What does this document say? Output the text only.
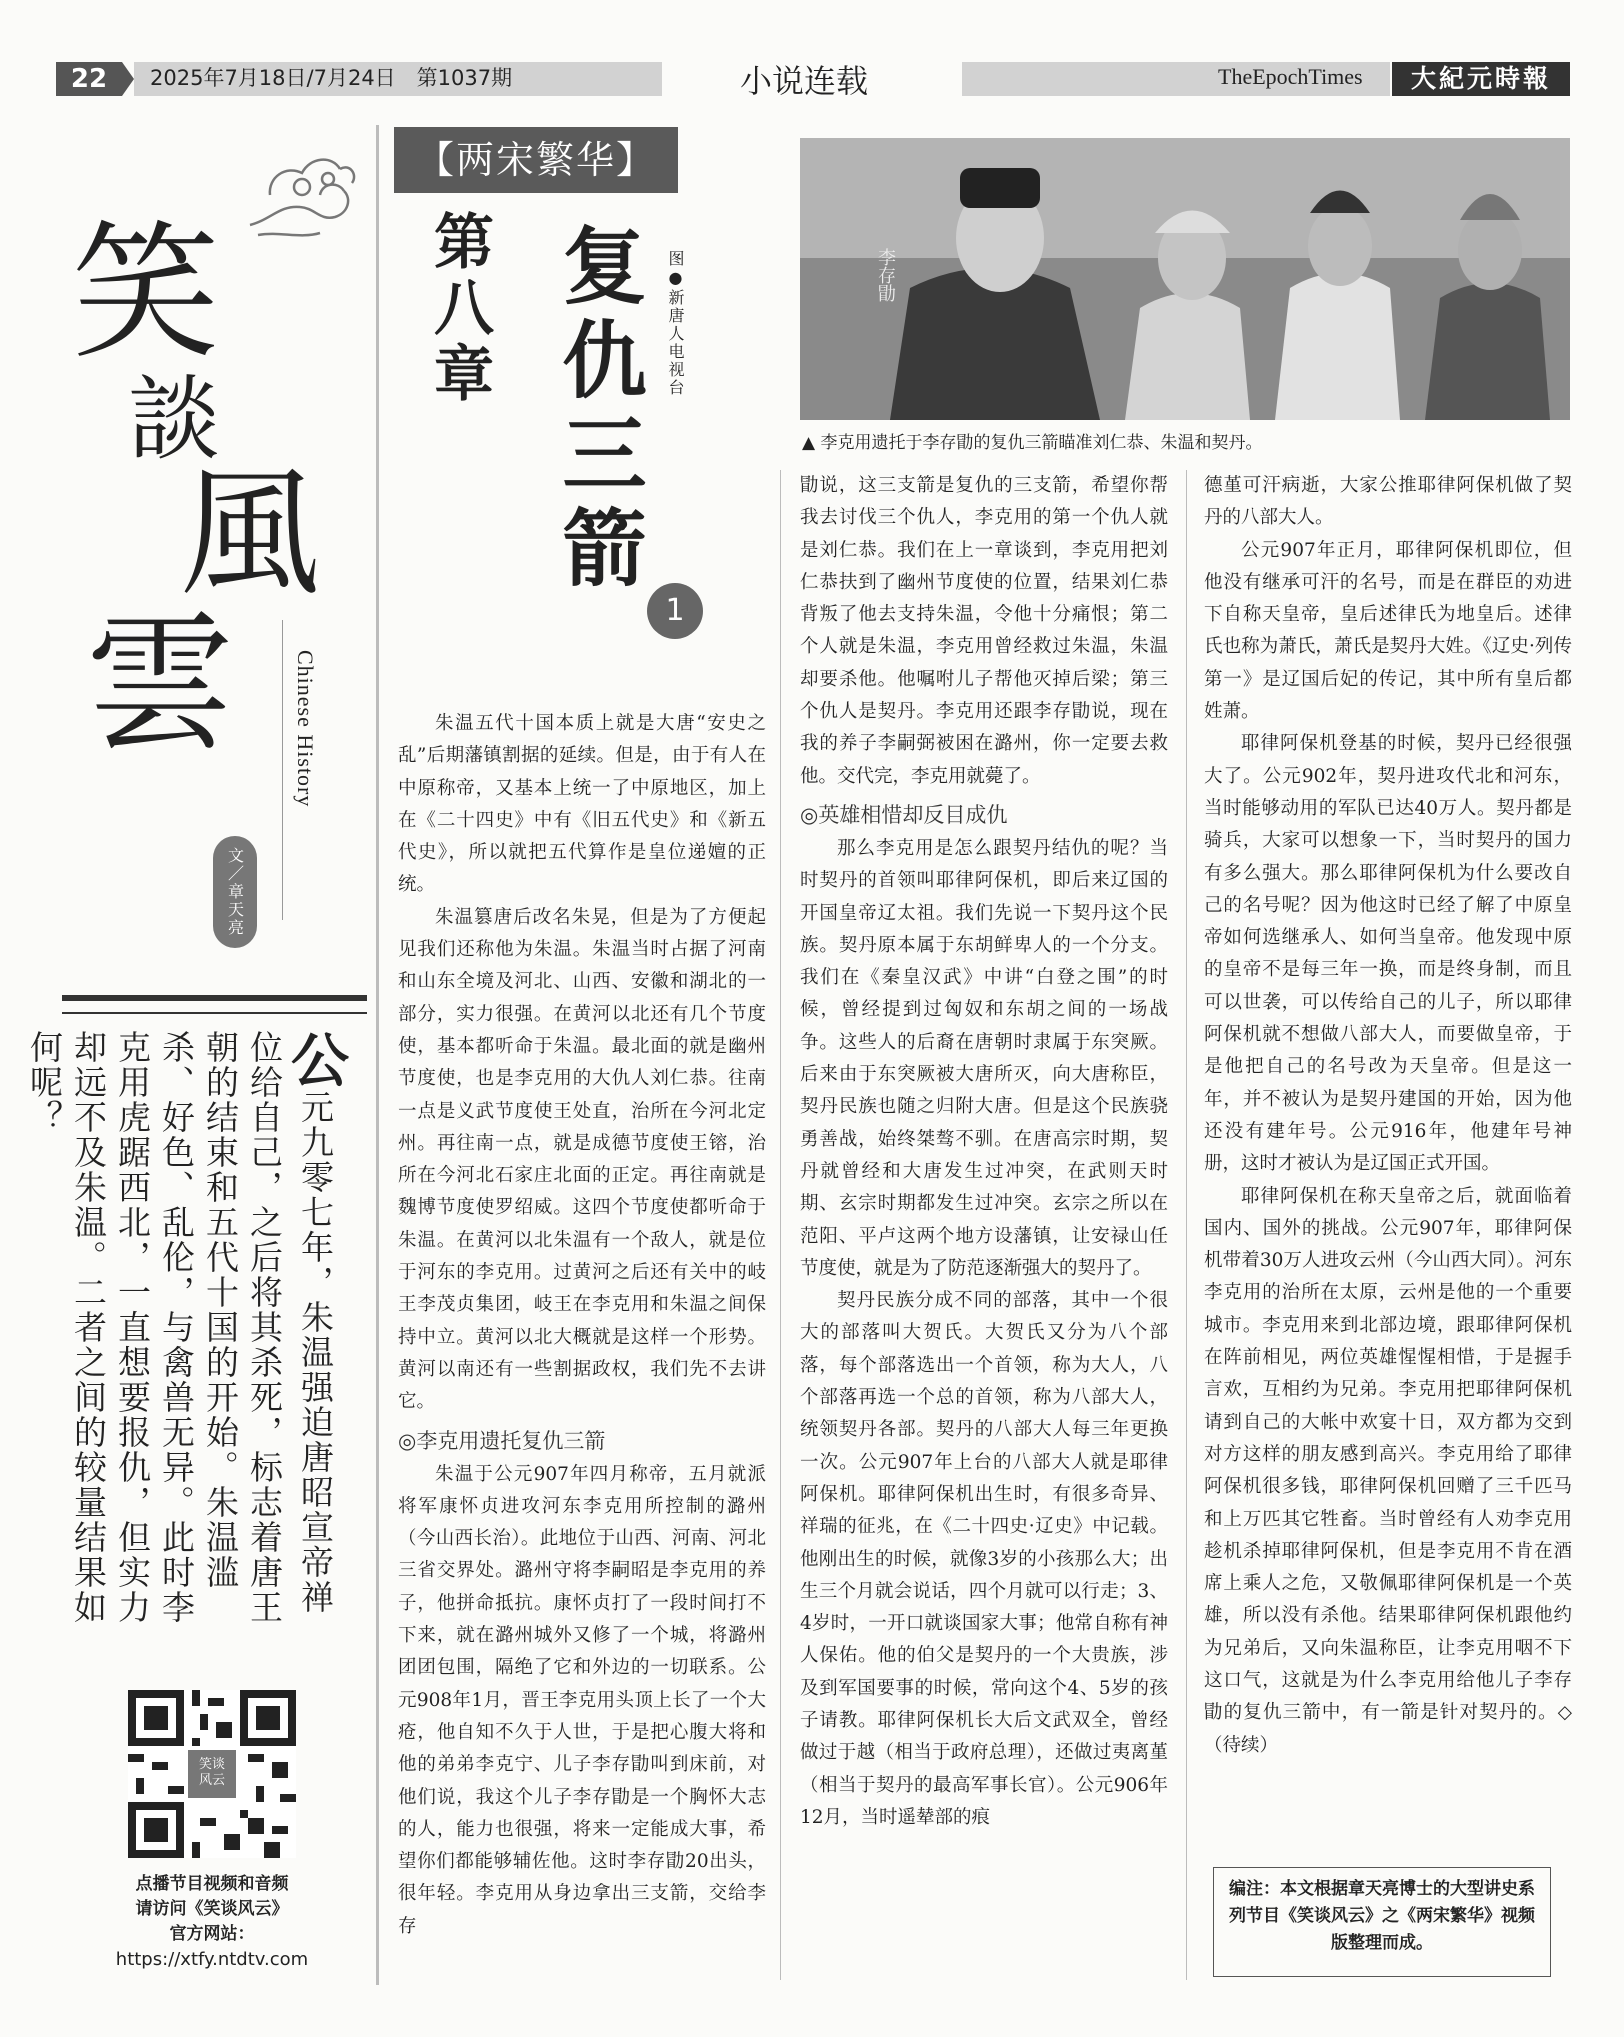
22	2025年7月18日/7月24日　第1037期	小说连载	TheEpochTimes	大紀元時報
笑
談
風
雲	Chinese History
文／章天亮
公元九零七年，朱温强迫唐昭宣帝禅位给自己，之后将其杀死，标志着唐王朝的结束和五代十国的开始。朱温滥杀、好色、乱伦，与禽兽无异。此时李克用虎踞西北，一直想要报仇，但实力却远不及朱温。二者之间的较量结果如何呢？
笑谈风云
点播节目视频和音频
请访问《笑谈风云》
官方网站：
https://xtfy.ntdtv.com
【两宋繁华】
第八章 复仇三箭	图●新唐人电视台
1
李存勖
▲ 李克用遗托于李存勖的复仇三箭瞄准刘仁恭、朱温和契丹。

朱温五代十国本质上就是大唐“安史之乱”后期藩镇割据的延续。但是，由于有人在中原称帝，又基本上统一了中原地区，加上在《二十四史》中有《旧五代史》和《新五代史》，所以就把五代算作是皇位递嬗的正统。

朱温篡唐后改名朱晃，但是为了方便起见我们还称他为朱温。朱温当时占据了河南和山东全境及河北、山西、安徽和湖北的一部分，实力很强。在黄河以北还有几个节度使，基本都听命于朱温。最北面的就是幽州节度使，也是李克用的大仇人刘仁恭。往南一点是义武节度使王处直，治所在今河北定州。再往南一点，就是成德节度使王镕，治所在今河北石家庄北面的正定。再往南就是魏博节度使罗绍威。这四个节度使都听命于朱温。在黄河以北朱温有一个敌人，就是位于河东的李克用。过黄河之后还有关中的岐王李茂贞集团，岐王在李克用和朱温之间保持中立。黄河以北大概就是这样一个形势。黄河以南还有一些割据政权，我们先不去讲它。

◎李克用遗托复仇三箭

朱温于公元907年四月称帝，五月就派将军康怀贞进攻河东李克用所控制的潞州（今山西长治）。此地位于山西、河南、河北三省交界处。潞州守将李嗣昭是李克用的养子，他拼命抵抗。康怀贞打了一段时间打不下来，就在潞州城外又修了一个城，将潞州团团包围，隔绝了它和外边的一切联系。公元908年1月，晋王李克用头顶上长了一个大疮，他自知不久于人世，于是把心腹大将和他的弟弟李克宁、儿子李存勖叫到床前，对他们说，我这个儿子李存勖是一个胸怀大志的人，能力也很强，将来一定能成大事，希望你们都能够辅佐他。这时李存勖20出头，很年轻。李克用从身边拿出三支箭，交给李存

勖说，这三支箭是复仇的三支箭，希望你帮我去讨伐三个仇人，李克用的第一个仇人就是刘仁恭。我们在上一章谈到，李克用把刘仁恭扶到了幽州节度使的位置，结果刘仁恭背叛了他去支持朱温，令他十分痛恨；第二个人就是朱温，李克用曾经救过朱温，朱温却要杀他。他嘱咐儿子帮他灭掉后梁；第三个仇人是契丹。李克用还跟李存勖说，现在我的养子李嗣弼被困在潞州，你一定要去救他。交代完，李克用就薨了。

◎英雄相惜却反目成仇

那么李克用是怎么跟契丹结仇的呢？当时契丹的首领叫耶律阿保机，即后来辽国的开国皇帝辽太祖。我们先说一下契丹这个民族。契丹原本属于东胡鲜卑人的一个分支。我们在《秦皇汉武》中讲“白登之围”的时候，曾经提到过匈奴和东胡之间的一场战争。这些人的后裔在唐朝时隶属于东突厥。后来由于东突厥被大唐所灭，向大唐称臣，契丹民族也随之归附大唐。但是这个民族骁勇善战，始终桀骜不驯。在唐高宗时期，契丹就曾经和大唐发生过冲突，在武则天时期、玄宗时期都发生过冲突。玄宗之所以在范阳、平卢这两个地方设藩镇，让安禄山任节度使，就是为了防范逐渐强大的契丹了。

契丹民族分成不同的部落，其中一个很大的部落叫大贺氏。大贺氏又分为八个部落，每个部落选出一个首领，称为大人，八个部落再选一个总的首领，称为八部大人，统领契丹各部。契丹的八部大人每三年更换一次。公元907年上台的八部大人就是耶律阿保机。耶律阿保机出生时，有很多奇异、祥瑞的征兆，在《二十四史·辽史》中记载。他刚出生的时候，就像3岁的小孩那么大；出生三个月就会说话，四个月就可以行走；3、4岁时，一开口就谈国家大事；他常自称有神人保佑。他的伯父是契丹的一个大贵族，涉及到军国要事的时候，常向这个4、5岁的孩子请教。耶律阿保机长大后文武双全，曾经做过于越（相当于政府总理），还做过夷离堇（相当于契丹的最高军事长官）。公元906年12月，当时遥辇部的痕

德堇可汗病逝，大家公推耶律阿保机做了契丹的八部大人。

公元907年正月，耶律阿保机即位，但他没有继承可汗的名号，而是在群臣的劝进下自称天皇帝，皇后述律氏为地皇后。述律氏也称为萧氏，萧氏是契丹大姓。《辽史·列传第一》是辽国后妃的传记，其中所有皇后都姓萧。

耶律阿保机登基的时候，契丹已经很强大了。公元902年，契丹进攻代北和河东，当时能够动用的军队已达40万人。契丹都是骑兵，大家可以想象一下，当时契丹的国力有多么强大。那么耶律阿保机为什么要改自己的名号呢？因为他这时已经了解了中原皇帝如何选继承人、如何当皇帝。他发现中原的皇帝不是每三年一换，而是终身制，而且可以世袭，可以传给自己的儿子，所以耶律阿保机就不想做八部大人，而要做皇帝，于是他把自己的名号改为天皇帝。但是这一年，并不被认为是契丹建国的开始，因为他还没有建年号。公元916年，他建年号神册，这时才被认为是辽国正式开国。

耶律阿保机在称天皇帝之后，就面临着国内、国外的挑战。公元907年，耶律阿保机带着30万人进攻云州（今山西大同）。河东李克用的治所在太原，云州是他的一个重要城市。李克用来到北部边境，跟耶律阿保机在阵前相见，两位英雄惺惺相惜，于是握手言欢，互相约为兄弟。李克用把耶律阿保机请到自己的大帐中欢宴十日，双方都为交到对方这样的朋友感到高兴。李克用给了耶律阿保机很多钱，耶律阿保机回赠了三千匹马和上万匹其它牲畜。当时曾经有人劝李克用趁机杀掉耶律阿保机，但是李克用不肯在酒席上乘人之危，又敬佩耶律阿保机是一个英雄，所以没有杀他。结果耶律阿保机跟他约为兄弟后，又向朱温称臣，让李克用咽不下这口气，这就是为什么李克用给他儿子李存勖的复仇三箭中，有一箭是针对契丹的。◇（待续）

编注：本文根据章天亮博士的大型讲史系列节目《笑谈风云》之《两宋繁华》视频版整理而成。
